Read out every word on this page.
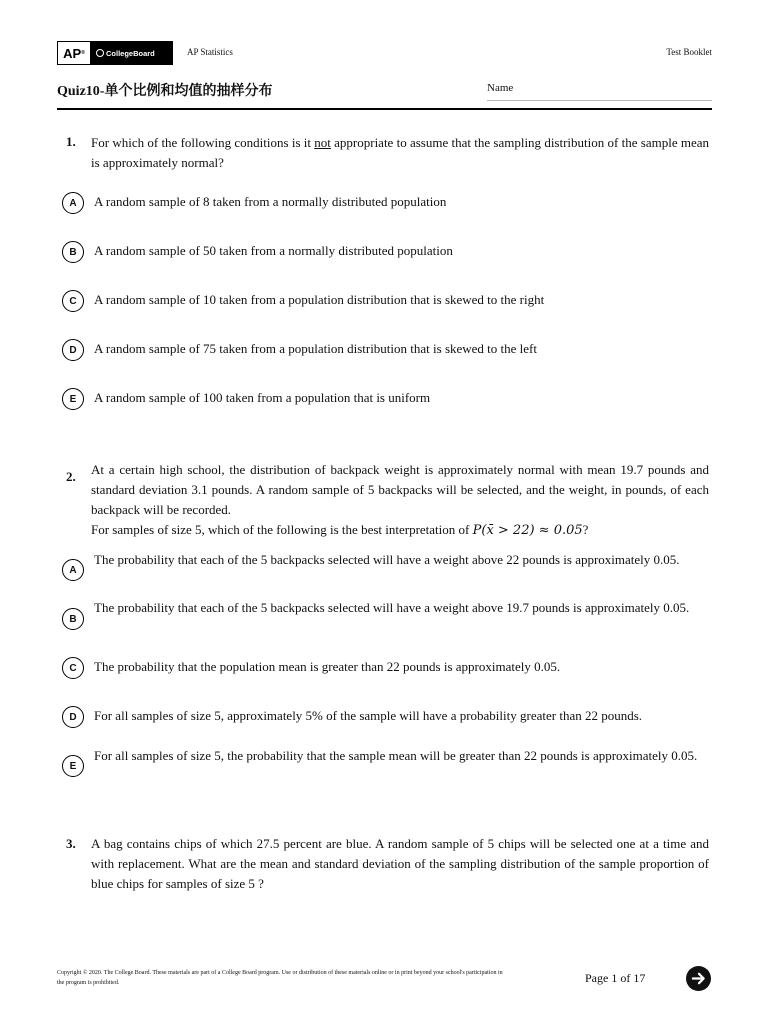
AP ®	CollegeBoard	AP Statistics	Test Booklet
Quiz10-单个比例和均值的抽样分布	Name
1. For which of the following conditions is it not appropriate to assume that the sampling distribution of the sample mean is approximately normal?
A A random sample of 8 taken from a normally distributed population
B A random sample of 50 taken from a normally distributed population
C A random sample of 10 taken from a population distribution that is skewed to the right
D A random sample of 75 taken from a population distribution that is skewed to the left
E A random sample of 100 taken from a population that is uniform
2. At a certain high school, the distribution of backpack weight is approximately normal with mean 19.7 pounds and standard deviation 3.1 pounds. A random sample of 5 backpacks will be selected, and the weight, in pounds, of each backpack will be recorded.
For samples of size 5, which of the following is the best interpretation of P(x̄ > 22) ≈ 0.05?
A
The probability that each of the 5 backpacks selected will have a weight above 22 pounds is approximately 0.05.
B
The probability that each of the 5 backpacks selected will have a weight above 19.7 pounds is approximately 0.05.
C The probability that the population mean is greater than 22 pounds is approximately 0.05.
D For all samples of size 5, approximately 5% of the sample will have a probability greater than 22 pounds.
E
For all samples of size 5, the probability that the sample mean will be greater than 22 pounds is approximately 0.05.
3. A bag contains chips of which 27.5 percent are blue. A random sample of 5 chips will be selected one at a time and with replacement. What are the mean and standard deviation of the sampling distribution of the sample proportion of blue chips for samples of size 5 ?
Copyright © 2020. The College Board. These materials are part of a College Board program. Use or distribution of these materials online or in print beyond your school's participation in the program is prohibited.	Page 1 of 17
